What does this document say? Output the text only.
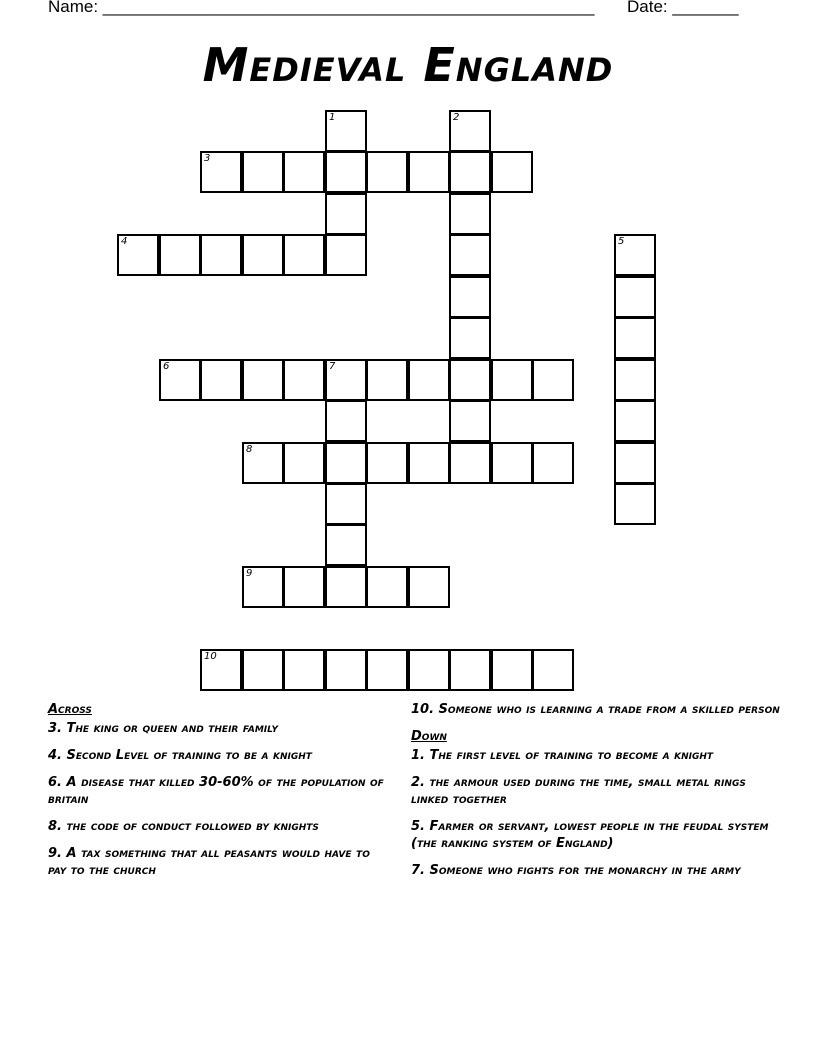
Name: ____________________________________________________ Date: _______
Medieval England
1	2
3
4	5
6	7
8
9
10
Across
3. The king or queen and their family
4. Second Level of training to be a knight
6. A disease that killed 30-60% of the population of britain
8. the code of conduct followed by knights
9. A tax something that all peasants would have to pay to the church
10. Someone who is learning a trade from a skilled person
Down
1. The first level of training to become a knight
2. the armour used during the time, small metal rings linked together
5. Farmer or servant, lowest people in the feudal system (the ranking system of England)
7. Someone who fights for the monarchy in the army
